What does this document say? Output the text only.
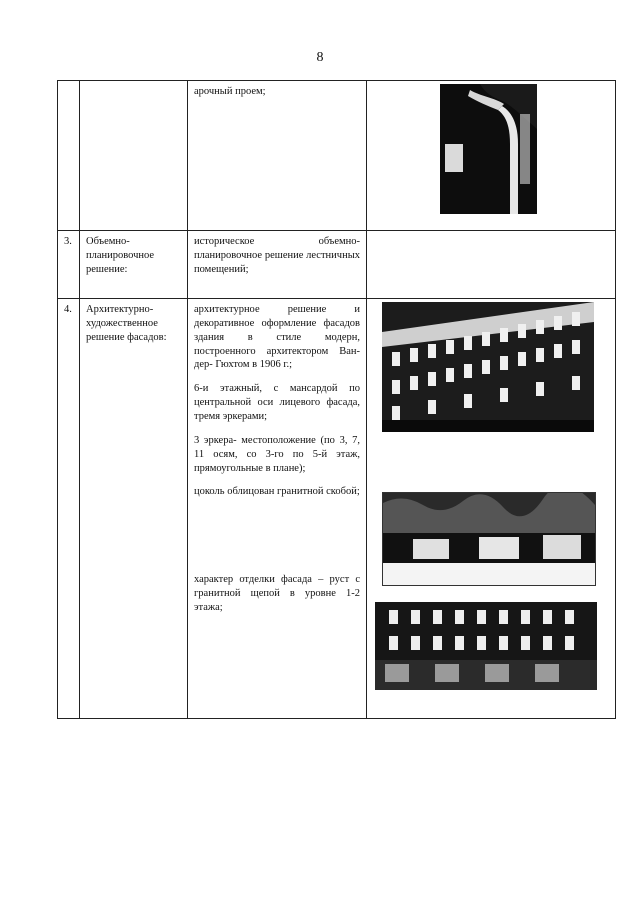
8

		арочный проем;

3.	Объемно-планировочное решение:	историческое объемно-планировочное решение лестничных помещений;	

4.	Архитектурно-художественное решение фасадов:	архитектурное решение и декоративное оформление фасадов здания в стиле модерн, построенного архитектором Ван-дер- Гюхтом в 1906 г.;

6-и этажный, с мансардой по центральной оси лицевого фасада, тремя эркерами;

3 эркера- местоположение (по 3, 7, 11 осям, со 3-го по 5-й этаж, прямоугольные в плане);

цоколь облицован гранитной скобой;

характер отделки фасада – руст с гранитной щепой в уровне 1-2 этажа;
